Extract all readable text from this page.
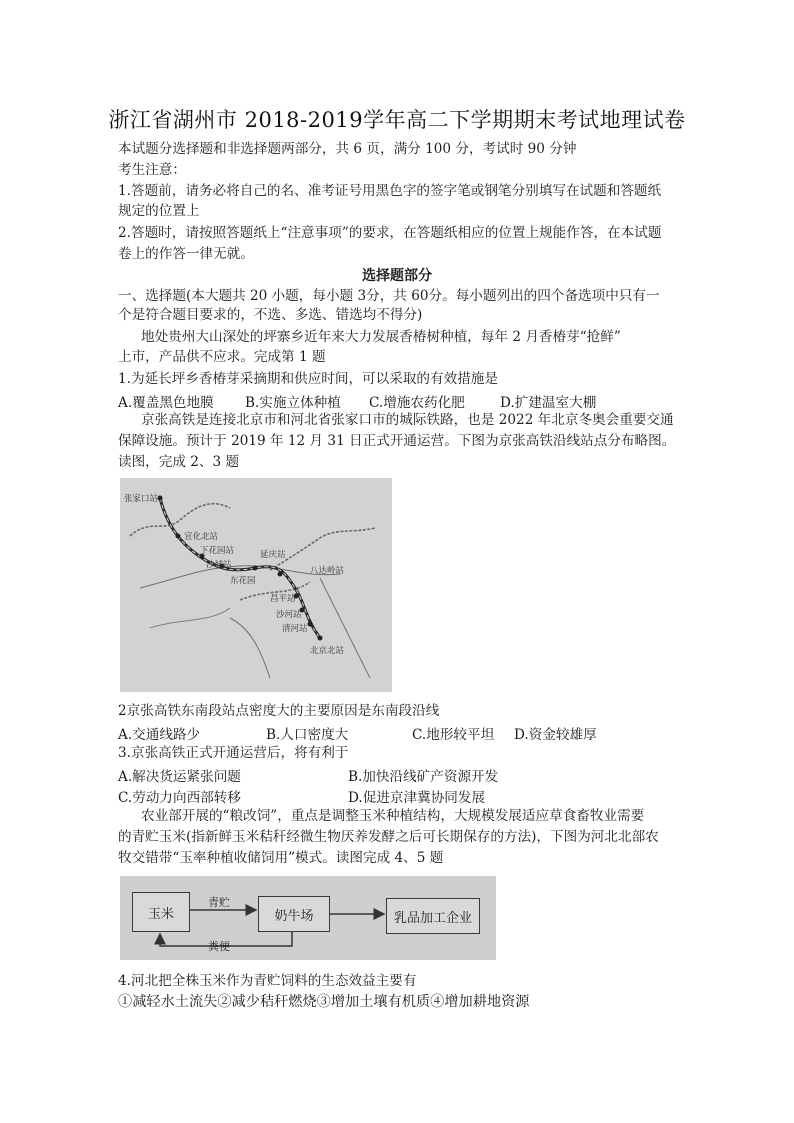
浙江省湖州市 2018-2019学年高二下学期期末考试地理试卷
本试题分选择题和非选择题两部分，共 6 页，满分 100 分，考试时 90 分钟
考生注意：
1.答题前，请务必将自己的名、准考证号用黑色字的签字笔或钢笔分别填写在试题和答题纸
规定的位置上
2.答题时，请按照答题纸上“注意事项”的要求，在答题纸相应的位置上规能作答，在本试题
卷上的作答一律无就。
选择题部分
一、选择题(本大题共 20 小题，每小题 3分，共 60分。每小题列出的四个备选项中只有一
个是符合题目要求的，不选、多选、错选均不得分)
地处贵州大山深处的坪寨乡近年来大力发展香椿树种植，每年 2 月香椿芽“抢鲜”
上市，产品供不应求。完成第 1 题
1.为延长坪乡香椿芽采摘期和供应时间，可以采取的有效措施是
A.覆盖黑色地膜 B.实施立体种植 C.增施农药化肥	D.扩建温室大棚
京张高铁是连接北京市和河北省张家口市的城际铁路，也是 2022 年北京冬奥会重要交通
保障设施。预计于 2019 年 12 月 31 日正式开通运营。下图为京张高铁沿线站点分布略图。
读图，完成 2、3 题
张家口站
宣化北站
下花园站
沙城站
东花园
延庆站
八达岭站
昌平站
沙河站
清河站
北京北站
2京张高铁东南段站点密度大的主要原因是东南段沿线
A.交通线路少	B.人口密度大	C.地形较平坦 D.资金较雄厚
3.京张高铁正式开通运营后，将有利于
A.解决货运紧张问题	B.加快沿线矿产资源开发
C.劳动力向西部转移	D.促进京津冀协同发展
农业部开展的“粮改饲”，重点是调整玉米种植结构，大规模发展适应草食畜牧业需要
的青贮玉米(指新鲜玉米秸秆经微生物厌养发酵之后可长期保存的方法)，下图为河北北部农
牧交错带“玉率种植收储饲用”模式。读图完成 4、5 题
玉米	奶牛场	乳品加工企业
青贮
粪便
4.河北把全株玉米作为青贮饲料的生态效益主要有
①减轻水土流失②减少秸秆燃烧③增加土壤有机质④增加耕地资源
